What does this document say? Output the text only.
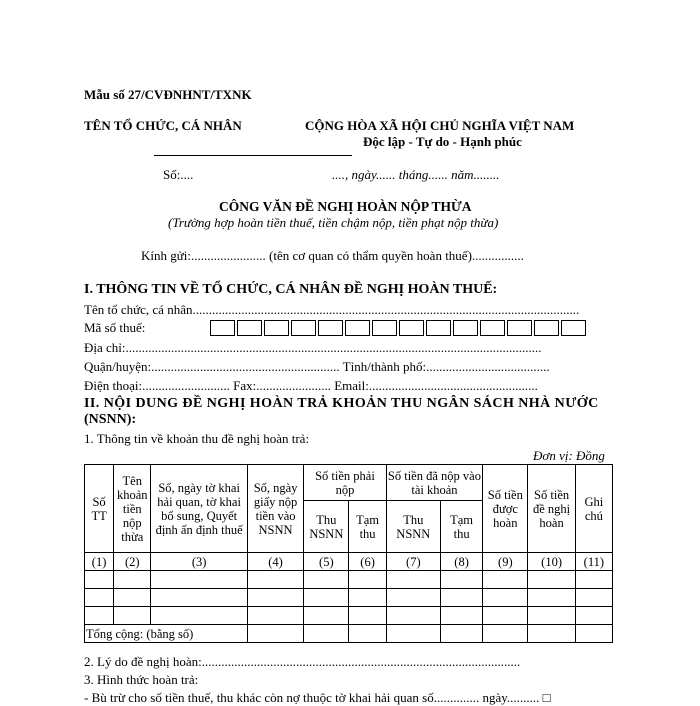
Mẫu số 27/CVĐNHNT/TXNK
TÊN TỔ CHỨC, CÁ NHÂN	CỘNG HÒA XÃ HỘI CHỦ NGHĨA VIỆT NAM
Độc lập - Tự do - Hạnh phúc
Số:....	...., ngày...... tháng...... năm........
CÔNG VĂN ĐỀ NGHỊ HOÀN NỘP THỪA
(Trường hợp hoàn tiền thuế, tiền chậm nộp, tiền phạt nộp thừa)
Kính gửi:....................... (tên cơ quan có thẩm quyền hoàn thuế)................
I. THÔNG TIN VỀ TỔ CHỨC, CÁ NHÂN ĐỀ NGHỊ HOÀN THUẾ:
Tên tổ chức, cá nhân.......................................................................................................................
Mã số thuế:
Địa chỉ:................................................................................................................................
Quận/huyện:.......................................................... Tỉnh/thành phố:......................................
Điện thoại:........................... Fax:....................... Email:....................................................
II. NỘI DUNG ĐỀ NGHỊ HOÀN TRẢ KHOẢN THU NGÂN SÁCH NHÀ NƯỚC
(NSNN):
1. Thông tin về khoản thu đề nghị hoàn trả:
Đơn vị: Đồng
Số TT	Tên khoản tiền nộp thừa	Số, ngày tờ khai hải quan, tờ khai bổ sung, Quyết định ấn định thuế	Số, ngày giấy nộp tiền vào NSNN	Số tiền phải nộp		Số tiền đã nộp vào tài khoản		Số tiền được hoàn	Số tiền đề nghị hoàn	Ghi chú
				Thu NSNN	Tạm thu	Thu NSNN	Tạm thu			
(1)	(2)	(3)	(4)	(5)	(6)	(7)	(8)	(9)	(10)	(11)

Tổng cộng: (bằng số)										
2. Lý do đề nghị hoàn:..................................................................................................
3. Hình thức hoàn trả:
- Bù trừ cho số tiền thuế, thu khác còn nợ thuộc tờ khai hải quan số.............. ngày.......... □
